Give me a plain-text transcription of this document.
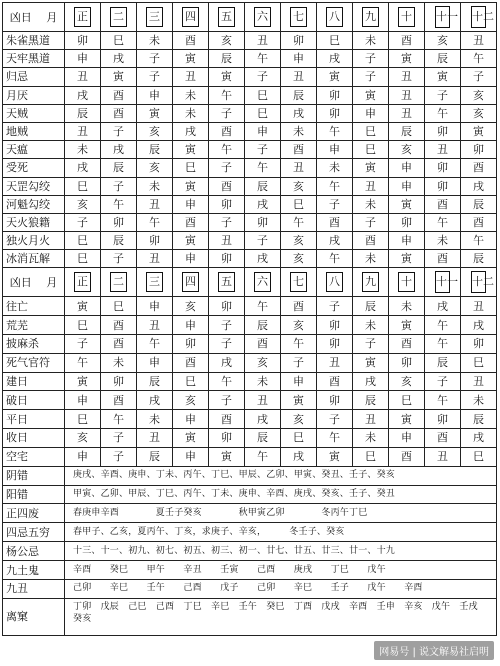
凶日　 月	正	二	三	四	五	六	七	八	九	十	十一	十二
朱雀黑道	卯	巳	未	酉	亥	丑	卯	巳	未	酉	亥	丑
天牢黑道	申	戌	子	寅	辰	午	申	戌	子	寅	辰	午
归忌	丑	寅	子	丑	寅	子	丑	寅	子	丑	寅	子
月厌	戌	酉	申	未	午	巳	辰	卯	寅	丑	子	亥
天贼	辰	酉	寅	未	子	巳	戌	卯	申	丑	午	亥
地贼	丑	子	亥	戌	酉	申	未	午	巳	辰	卯	寅
天瘟	未	戌	辰	寅	午	子	酉	申	巳	亥	丑	卯
受死	戌	辰	亥	巳	子	午	丑	未	寅	申	卯	酉
天罡勾绞	巳	子	未	寅	酉	辰	亥	午	丑	申	卯	戌
河魁勾绞	亥	午	丑	申	卯	戌	巳	子	未	寅	酉	辰
天火狼籍	子	卯	午	酉	子	卯	午	酉	子	卯	午	酉
独火月火	巳	辰	卯	寅	丑	子	亥	戌	酉	申	未	午
冰消瓦解	巳	子	丑	申	卯	戌	亥	午	未	寅	酉	辰
凶日　 月	正	二	三	四	五	六	七	八	九	十	十一	十二
往亡	寅	巳	申	亥	卯	午	酉	子	辰	未	戌	丑
荒芜	巳	酉	丑	申	子	辰	亥	卯	未	寅	午	戌
披麻杀	子	酉	午	卯	子	酉	午	卯	子	酉	午	卯
死气官符	午	未	申	酉	戌	亥	子	丑	寅	卯	辰	巳
建日	寅	卯	辰	巳	午	未	申	酉	戌	亥	子	丑
破日	申	酉	戌	亥	子	丑	寅	卯	辰	巳	午	未
平日	巳	午	未	申	酉	戌	亥	子	丑	寅	卯	辰
收日	亥	子	丑	寅	卯	辰	巳	午	未	申	酉	戌
空宅	申	子	辰	申	寅	午	戌	寅	巳	酉	丑	巳
阴错	庚戌、辛酉、庚申、丁未、丙午、丁巳、甲辰、乙卯、甲寅、癸丑、壬子、癸亥											
阳错	甲寅、乙卯、甲辰、丁巳、丙午、丁未、庚申、辛酉、庚戌、癸亥、壬子、癸丑											
正四废	春庚申辛酉　　　　夏壬子癸亥　　　　秋甲寅乙卯　　　　冬丙午丁巳											
四忌五穷	春甲子、乙亥，夏丙午、丁亥，求庚子、辛亥，　　　冬壬子、癸亥											
杨公忌	十三、十一、初九、初七、初五、初三、初一、廿七、廿五、廿三、廿一、十九											
九土鬼	辛酉　　癸巳　　甲午　　辛丑　　壬寅　　己酉　　庚戌　　丁巳　　戊午											
九丑	己卯　　辛巳　　壬午　　己酉　　戊子　　己卯　　辛巳　　壬子　　戊午　　辛酉											
离窠	丁卯　戊辰　己巳　己酉　丁巳　辛巳　壬午　癸巳　丁酉　戊戌　辛酉　壬申　辛亥　戊午　壬戌　癸亥											
网易号 | 说文解易社启明
